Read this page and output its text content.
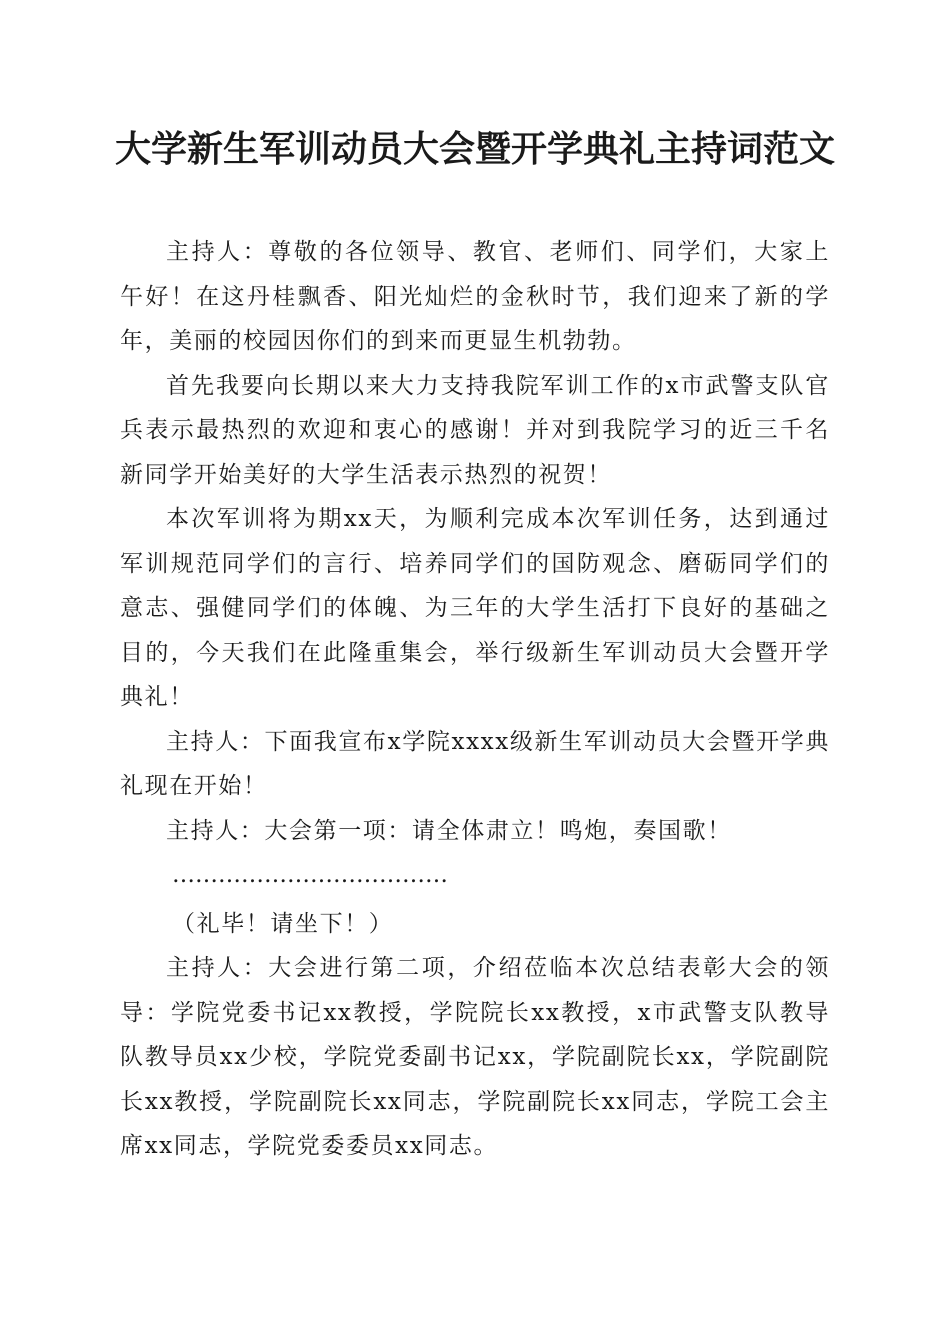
大学新生军训动员大会暨开学典礼主持词范文

主持人：尊敬的各位领导、教官、老师们、同学们，大家上午好！在这丹桂飘香、阳光灿烂的金秋时节，我们迎来了新的学年，美丽的校园因你们的到来而更显生机勃勃。

首先我要向长期以来大力支持我院军训工作的x市武警支队官兵表示最热烈的欢迎和衷心的感谢！并对到我院学习的近三千名新同学开始美好的大学生活表示热烈的祝贺！

本次军训将为期xx天，为顺利完成本次军训任务，达到通过军训规范同学们的言行、培养同学们的国防观念、磨砺同学们的意志、强健同学们的体魄、为三年的大学生活打下良好的基础之目的，今天我们在此隆重集会，举行级新生军训动员大会暨开学典礼！

主持人：下面我宣布x学院xxxx级新生军训动员大会暨开学典礼现在开始！

主持人：大会第一项：请全体肃立！鸣炮，奏国歌！

………………………………

（礼毕！请坐下！）

主持人：大会进行第二项，介绍莅临本次总结表彰大会的领导：学院党委书记xx教授，学院院长xx教授，x市武警支队教导队教导员xx少校，学院党委副书记xx，学院副院长xx，学院副院长xx教授，学院副院长xx同志，学院副院长xx同志，学院工会主席xx同志，学院党委委员xx同志。
